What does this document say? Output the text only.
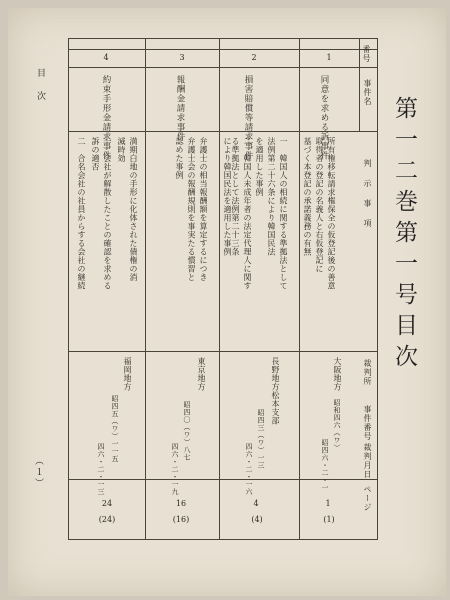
第一二巻第一号目次
目次
（１）
番号
事件名
判示事項
裁判所
事件番号
裁判月日
ページ
1
同意を求める訴事件
所有権移転請求権保全の仮登記後の善意
取得者の登記の名義人と右仮登記に
基づく本登記の承諾義務の有無
大阪地方
昭和四六（ワ）
昭四六・二・一
1
(1)
2
損害賠償等請求事件
一　韓国人の相続に関する準拠法として
法例第二十六条により韓国民法
を適用した事例
二　韓国人未成年者の法定代理人に関す
る準拠法として法例第二十三条
により韓国民法を適用した事例
長野地方松本支部
昭四三（ワ）一三
四六・二・一六
4
(4)
3
報酬金請求事件
弁護士の相当報酬額を算定するにつき
弁護士会の報酬規則を事実たる慣習と
認めた事例
東京地方
昭四〇（ワ）八七
四六・二・一九
16
(16)
4
約束手形金請求事件
満期白地の手形に化体された債権の消
滅時効
一　会社が解散したことの確認を求める
訴の適否
二　合名会社の社員からする会社の継続
福岡地方
昭四五（ワ）一一五
四六・二・一三
24
(24)
